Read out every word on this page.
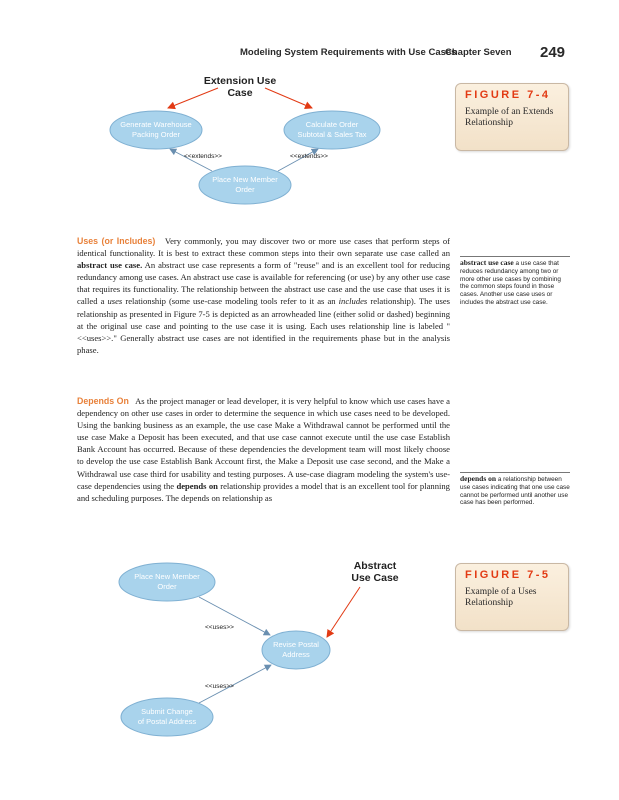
Modeling System Requirements with Use Cases
Chapter Seven 249
Extension Use
Case
Generate Warehouse
Packing Order
Calculate Order
Subtotal & Sales Tax
Place New Member
Order
<<extends>>	<<extends>>
FIGURE 7-4
Example of an Extends Relationship

Uses (or Includes) Very commonly, you may discover two or more use cases that perform steps of identical functionality. It is best to extract these common steps into their own separate use case called an abstract use case. An abstract use case represents a form of "reuse" and is an excellent tool for reducing redundancy among use cases. An abstract use case is available for referencing (or use) by any other use case that requires its functionality. The relationship between the abstract use case and the use case that uses it is called a uses relationship (some use-case modeling tools refer to it as an includes relationship). The uses relationship as presented in Figure 7-5 is depicted as an arrowheaded line (either solid or dashed) beginning at the original use case and pointing to the use case it is using. Each uses relationship line is labeled "<<uses>>." Generally abstract use cases are not identified in the requirements phase but in the analysis phase.

abstract use case a use case that reduces redundancy among two or more other use cases by combining the common steps found in those cases. Another use case uses or includes the abstract use case.

Depends On As the project manager or lead developer, it is very helpful to know which use cases have a dependency on other use cases in order to determine the sequence in which use cases need to be developed. Using the banking business as an example, the use case Make a Withdrawal cannot be performed until the use case Make a Deposit has been executed, and that use case cannot execute until the use case Establish Bank Account has occurred. Because of these dependencies the development team will most likely choose to develop the use case Establish Bank Account first, the Make a Deposit use case second, and the Make a Withdrawal use case third for usability and testing purposes. A use-case diagram modeling the system's use-case dependencies using the depends on relationship provides a model that is an excellent tool for planning and scheduling purposes. The depends on relationship as

depends on a relationship between use cases indicating that one use case cannot be performed until another use case has been performed.
Abstract
Use Case
Place New Member
Order
Revise Postal
Address
Submit Change
of Postal Address
<<uses>>
<<uses>>
FIGURE 7-5
Example of a Uses Relationship
